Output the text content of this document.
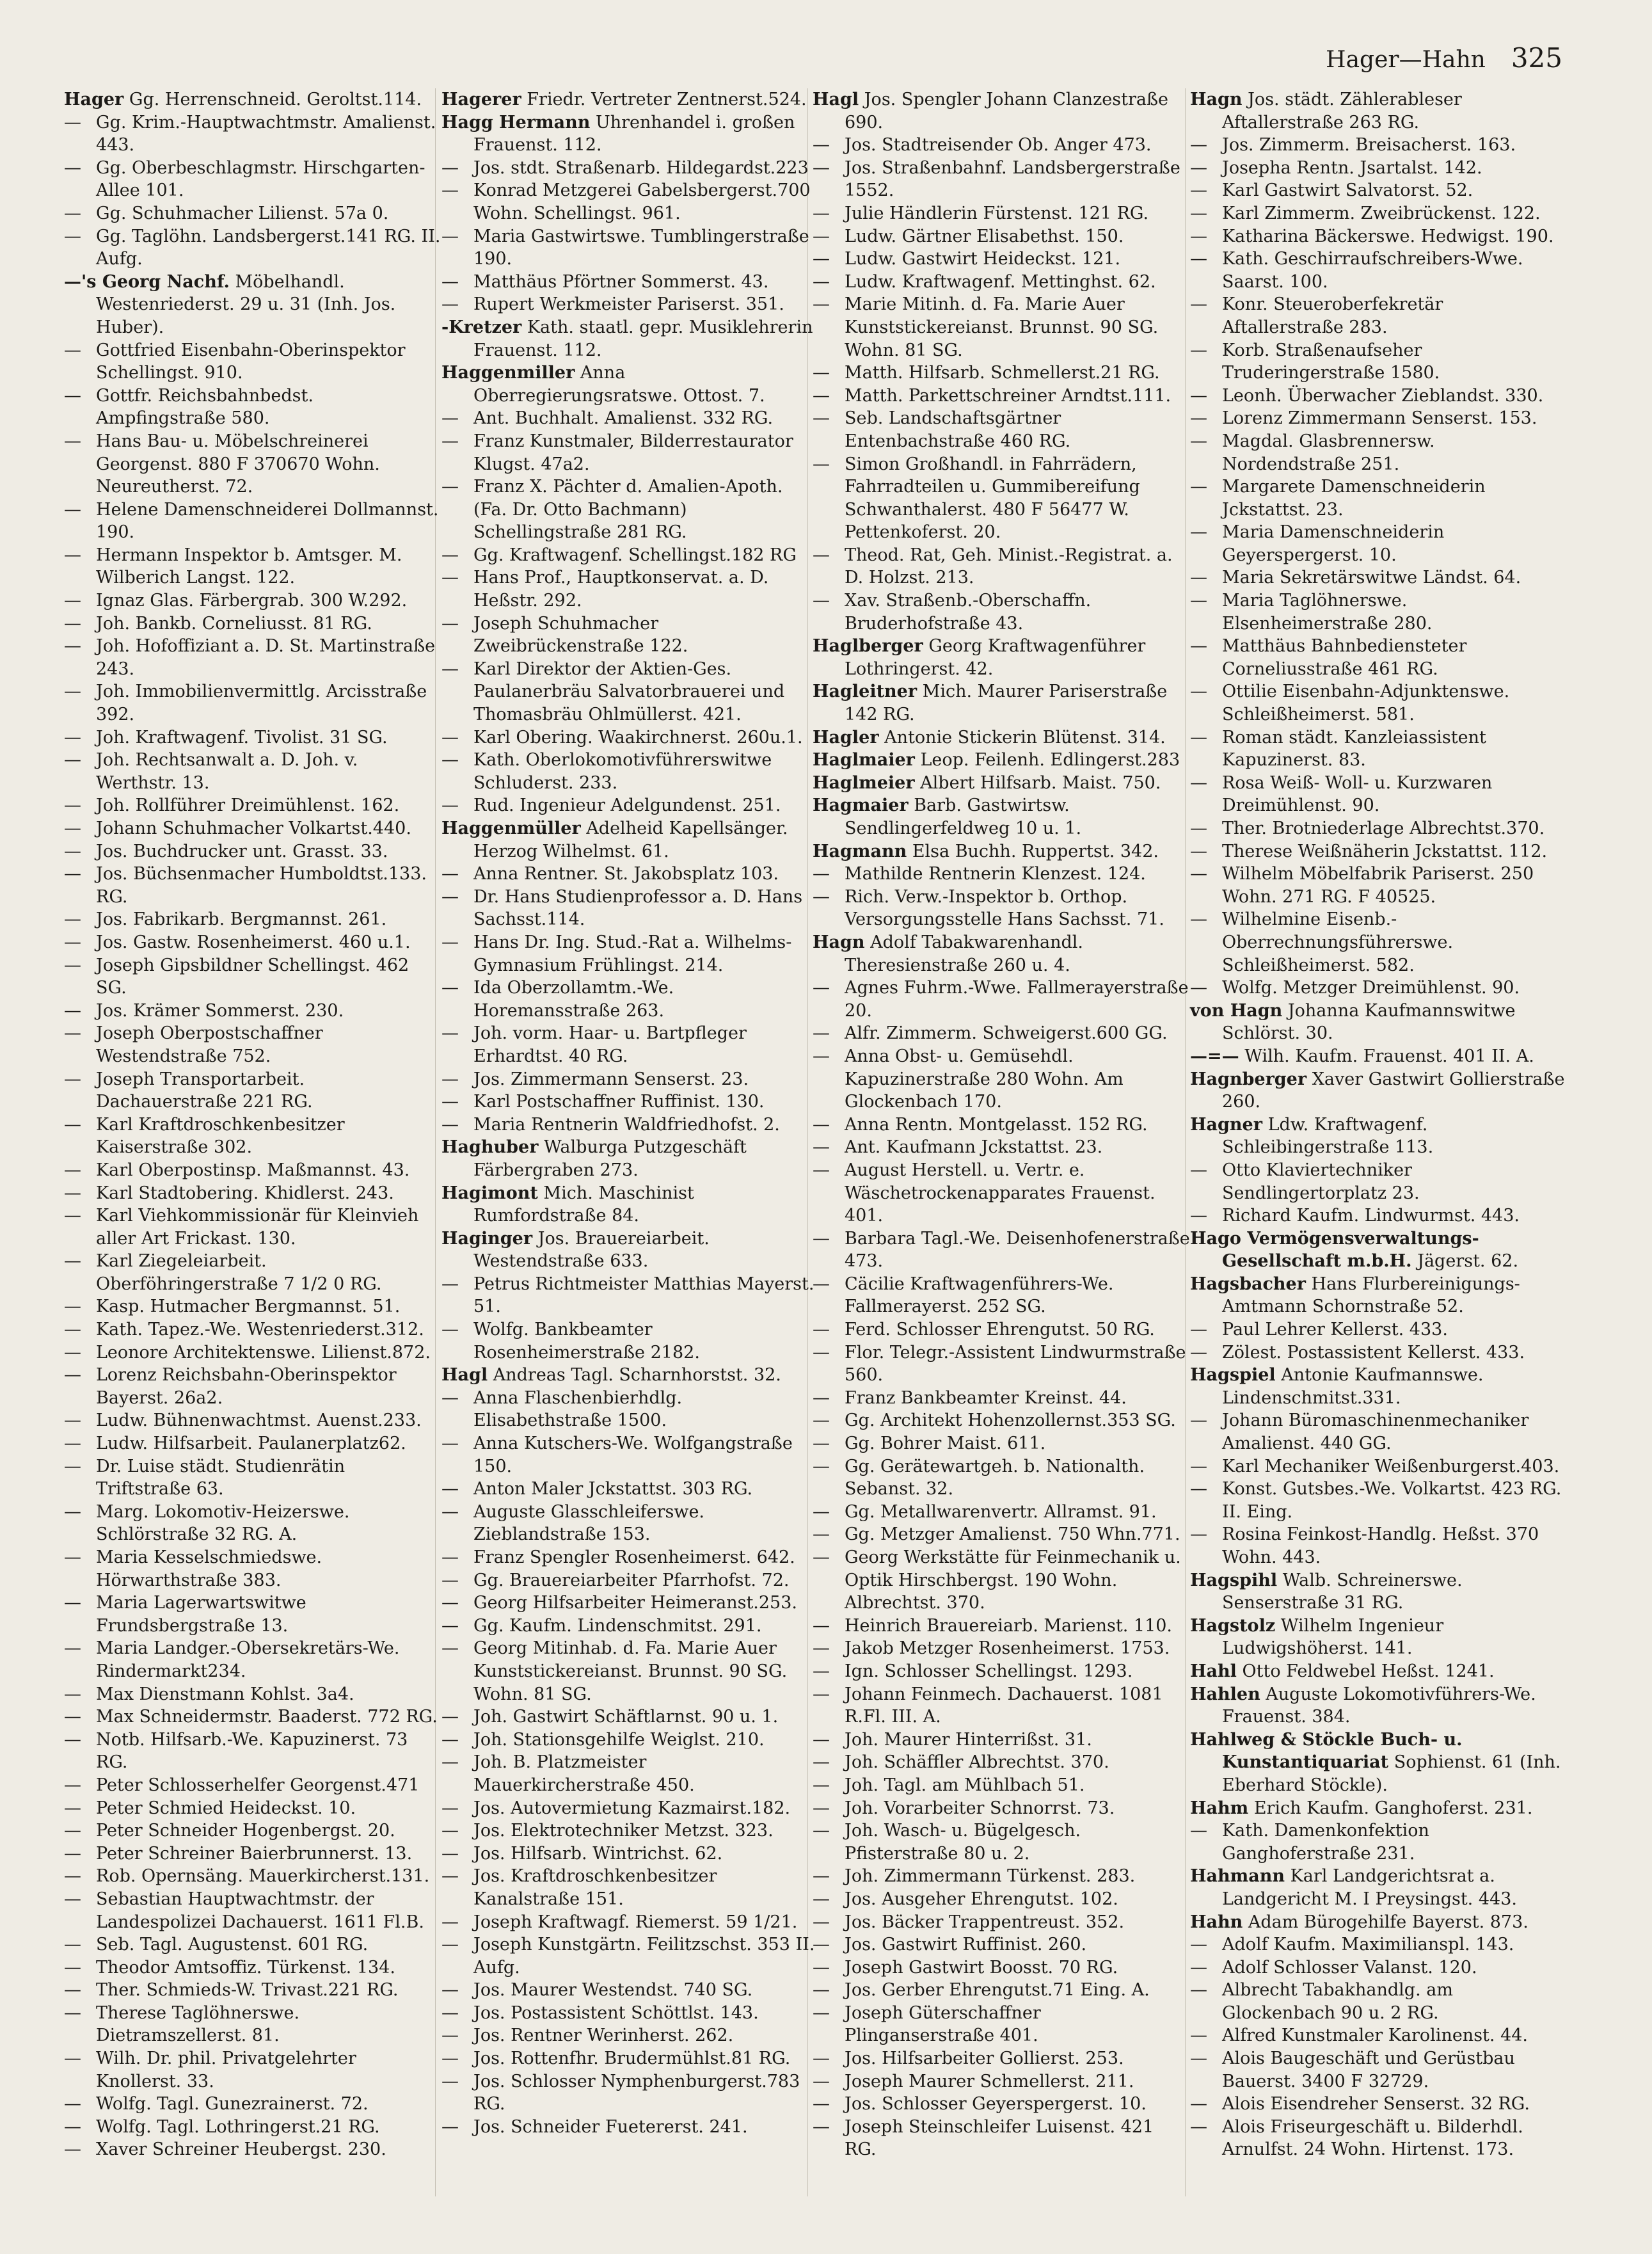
Hager—Hahn 325

Hager Gg. Herrenschneid. Geroltst.114.

— Gg. Krim.-Hauptwachtmstr. Amalienst. 443.

— Gg. Oberbeschlagmstr. Hirschgarten-Allee 101.

— Gg. Schuhmacher Lilienst. 57a 0.

— Gg. Taglöhn. Landsbergerst.141 RG. II. Aufg.

—'s Georg Nachf. Möbelhandl. Westenriederst. 29 u. 31 (Inh. Jos. Huber).

— Gottfried Eisenbahn-Oberinspektor Schellingst. 910.

— Gottfr. Reichsbahnbedst. Ampfingstraße 580.

— Hans Bau- u. Möbelschreinerei Georgenst. 880 F 370670 Wohn. Neureutherst. 72.

— Helene Damenschneiderei Dollmannst. 190.

— Hermann Inspektor b. Amtsger. M. Wilberich Langst. 122.

— Ignaz Glas. Färbergrab. 300 W.292.

— Joh. Bankb. Corneliusst. 81 RG.

— Joh. Hofoffiziant a. D. St. Martinstraße 243.

— Joh. Immobilienvermittlg. Arcisstraße 392.

— Joh. Kraftwagenf. Tivolist. 31 SG.

— Joh. Rechtsanwalt a. D. Joh. v. Werthstr. 13.

— Joh. Rollführer Dreimühlenst. 162.

— Johann Schuhmacher Volkartst.440.

— Jos. Buchdrucker unt. Grasst. 33.

— Jos. Büchsenmacher Humboldtst.133. RG.

— Jos. Fabrikarb. Bergmannst. 261.

— Jos. Gastw. Rosenheimerst. 460 u.1.

— Joseph Gipsbildner Schellingst. 462 SG.

— Jos. Krämer Sommerst. 230.

— Joseph Oberpostschaffner Westendstraße 752.

— Joseph Transportarbeit. Dachauerstraße 221 RG.

— Karl Kraftdroschkenbesitzer Kaiserstraße 302.

— Karl Oberpostinsp. Maßmannst. 43.

— Karl Stadtobering. Khidlerst. 243.

— Karl Viehkommissionär für Kleinvieh aller Art Frickast. 130.

— Karl Ziegeleiarbeit. Oberföhringerstraße 7 1/2 0 RG.

— Kasp. Hutmacher Bergmannst. 51.

— Kath. Tapez.-We. Westenriederst.312.

— Leonore Architektenswe. Lilienst.872.

— Lorenz Reichsbahn-Oberinspektor Bayerst. 26a2.

— Ludw. Bühnenwachtmst. Auenst.233.

— Ludw. Hilfsarbeit. Paulanerplatz62.

— Dr. Luise städt. Studienrätin Triftstraße 63.

— Marg. Lokomotiv-Heizerswe. Schlörstraße 32 RG. A.

— Maria Kesselschmiedswe. Hörwarthstraße 383.

— Maria Lagerwartswitwe Frundsbergstraße 13.

— Maria Landger.-Obersekretärs-We. Rindermarkt234.

— Max Dienstmann Kohlst. 3a4.

— Max Schneidermstr. Baaderst. 772 RG.

— Notb. Hilfsarb.-We. Kapuzinerst. 73 RG.

— Peter Schlosserhelfer Georgenst.471

— Peter Schmied Heideckst. 10.

— Peter Schneider Hogenbergst. 20.

— Peter Schreiner Baierbrunnerst. 13.

— Rob. Opernsäng. Mauerkircherst.131.

— Sebastian Hauptwachtmstr. der Landespolizei Dachauerst. 1611 Fl.B.

— Seb. Tagl. Augustenst. 601 RG.

— Theodor Amtsoffiz. Türkenst. 134.

— Ther. Schmieds-W. Trivast.221 RG.

— Therese Taglöhnerswe. Dietramszellerst. 81.

— Wilh. Dr. phil. Privatgelehrter Knollerst. 33.

— Wolfg. Tagl. Gunezrainerst. 72.

— Wolfg. Tagl. Lothringerst.21 RG.

— Xaver Schreiner Heubergst. 230.

Hagerer Friedr. Vertreter Zentnerst.524.

Hagg Hermann Uhrenhandel i. großen Frauenst. 112.

— Jos. stdt. Straßenarb. Hildegardst.223

— Konrad Metzgerei Gabelsbergerst.700 Wohn. Schellingst. 961.

— Maria Gastwirtswe. Tumblingerstraße 190.

— Matthäus Pförtner Sommerst. 43.

— Rupert Werkmeister Pariserst. 351.

-Kretzer Kath. staatl. gepr. Musiklehrerin Frauenst. 112.

Haggenmiller Anna Oberregierungsratswe. Ottost. 7.

— Ant. Buchhalt. Amalienst. 332 RG.

— Franz Kunstmaler, Bilderrestaurator Klugst. 47a2.

— Franz X. Pächter d. Amalien-Apoth. (Fa. Dr. Otto Bachmann) Schellingstraße 281 RG.

— Gg. Kraftwagenf. Schellingst.182 RG

— Hans Prof., Hauptkonservat. a. D. Heßstr. 292.

— Joseph Schuhmacher Zweibrückenstraße 122.

— Karl Direktor der Aktien-Ges. Paulanerbräu Salvatorbrauerei und Thomasbräu Ohlmüllerst. 421.

— Karl Obering. Waakirchnerst. 260u.1.

— Kath. Oberlokomotivführerswitwe Schluderst. 233.

— Rud. Ingenieur Adelgundenst. 251.

Haggenmüller Adelheid Kapellsänger. Herzog Wilhelmst. 61.

— Anna Rentner. St. Jakobsplatz 103.

— Dr. Hans Studienprofessor a. D. Hans Sachsst.114.

— Hans Dr. Ing. Stud.-Rat a. Wilhelms-Gymnasium Frühlingst. 214.

— Ida Oberzollamtm.-We. Horemansstraße 263.

— Joh. vorm. Haar- u. Bartpfleger Erhardtst. 40 RG.

— Jos. Zimmermann Senserst. 23.

— Karl Postschaffner Ruffinist. 130.

— Maria Rentnerin Waldfriedhofst. 2.

Haghuber Walburga Putzgeschäft Färbergraben 273.

Hagimont Mich. Maschinist Rumfordstraße 84.

Haginger Jos. Brauereiarbeit. Westendstraße 633.

— Petrus Richtmeister Matthias Mayerst. 51.

— Wolfg. Bankbeamter Rosenheimerstraße 2182.

Hagl Andreas Tagl. Scharnhorstst. 32.

— Anna Flaschenbierhdlg. Elisabethstraße 1500.

— Anna Kutschers-We. Wolfgangstraße 150.

— Anton Maler Jckstattst. 303 RG.

— Auguste Glasschleiferswe. Zieblandstraße 153.

— Franz Spengler Rosenheimerst. 642.

— Gg. Brauereiarbeiter Pfarrhofst. 72.

— Georg Hilfsarbeiter Heimeranst.253.

— Gg. Kaufm. Lindenschmitst. 291.

— Georg Mitinhab. d. Fa. Marie Auer Kunststickereianst. Brunnst. 90 SG. Wohn. 81 SG.

— Joh. Gastwirt Schäftlarnst. 90 u. 1.

— Joh. Stationsgehilfe Weiglst. 210.

— Joh. B. Platzmeister Mauerkircherstraße 450.

— Jos. Autovermietung Kazmairst.182.

— Jos. Elektrotechniker Metzst. 323.

— Jos. Hilfsarb. Wintrichst. 62.

— Jos. Kraftdroschkenbesitzer Kanalstraße 151.

— Joseph Kraftwagf. Riemerst. 59 1/21.

— Joseph Kunstgärtn. Feilitzschst. 353 II. Aufg.

— Jos. Maurer Westendst. 740 SG.

— Jos. Postassistent Schöttlst. 143.

— Jos. Rentner Werinherst. 262.

— Jos. Rottenfhr. Brudermühlst.81 RG.

— Jos. Schlosser Nymphenburgerst.783 RG.

— Jos. Schneider Fuetererst. 241.

Hagl Jos. Spengler Johann Clanzestraße 690.

— Jos. Stadtreisender Ob. Anger 473.

— Jos. Straßenbahnf. Landsbergerstraße 1552.

— Julie Händlerin Fürstenst. 121 RG.

— Ludw. Gärtner Elisabethst. 150.

— Ludw. Gastwirt Heideckst. 121.

— Ludw. Kraftwagenf. Mettinghst. 62.

— Marie Mitinh. d. Fa. Marie Auer Kunststickereianst. Brunnst. 90 SG. Wohn. 81 SG.

— Matth. Hilfsarb. Schmellerst.21 RG.

— Matth. Parkettschreiner Arndtst.111.

— Seb. Landschaftsgärtner Entenbachstraße 460 RG.

— Simon Großhandl. in Fahrrädern, Fahrradteilen u. Gummibereifung Schwanthalerst. 480 F 56477 W. Pettenkoferst. 20.

— Theod. Rat, Geh. Minist.-Registrat. a. D. Holzst. 213.

— Xav. Straßenb.-Oberschaffn. Bruderhofstraße 43.

Haglberger Georg Kraftwagenführer Lothringerst. 42.

Hagleitner Mich. Maurer Pariserstraße 142 RG.

Hagler Antonie Stickerin Blütenst. 314.

Haglmaier Leop. Feilenh. Edlingerst.283

Haglmeier Albert Hilfsarb. Maist. 750.

Hagmaier Barb. Gastwirtsw. Sendlingerfeldweg 10 u. 1.

Hagmann Elsa Buchh. Ruppertst. 342.

— Mathilde Rentnerin Klenzest. 124.

— Rich. Verw.-Inspektor b. Orthop. Versorgungsstelle Hans Sachsst. 71.

Hagn Adolf Tabakwarenhandl. Theresienstraße 260 u. 4.

— Agnes Fuhrm.-Wwe. Fallmerayerstraße 20.

— Alfr. Zimmerm. Schweigerst.600 GG.

— Anna Obst- u. Gemüsehdl. Kapuzinerstraße 280 Wohn. Am Glockenbach 170.

— Anna Rentn. Montgelasst. 152 RG.

— Ant. Kaufmann Jckstattst. 23.

— August Herstell. u. Vertr. e. Wäschetrockenapparates Frauenst. 401.

— Barbara Tagl.-We. Deisenhofenerstraße 473.

— Cäcilie Kraftwagenführers-We. Fallmerayerst. 252 SG.

— Ferd. Schlosser Ehrengutst. 50 RG.

— Flor. Telegr.-Assistent Lindwurmstraße 560.

— Franz Bankbeamter Kreinst. 44.

— Gg. Architekt Hohenzollernst.353 SG.

— Gg. Bohrer Maist. 611.

— Gg. Gerätewartgeh. b. Nationalth. Sebanst. 32.

— Gg. Metallwarenvertr. Allramst. 91.

— Gg. Metzger Amalienst. 750 Whn.771.

— Georg Werkstätte für Feinmechanik u. Optik Hirschbergst. 190 Wohn. Albrechtst. 370.

— Heinrich Brauereiarb. Marienst. 110.

— Jakob Metzger Rosenheimerst. 1753.

— Ign. Schlosser Schellingst. 1293.

— Johann Feinmech. Dachauerst. 1081 R.Fl. III. A.

— Joh. Maurer Hinterrißst. 31.

— Joh. Schäffler Albrechtst. 370.

— Joh. Tagl. am Mühlbach 51.

— Joh. Vorarbeiter Schnorrst. 73.

— Joh. Wasch- u. Bügelgesch. Pfisterstraße 80 u. 2.

— Joh. Zimmermann Türkenst. 283.

— Jos. Ausgeher Ehrengutst. 102.

— Jos. Bäcker Trappentreust. 352.

— Jos. Gastwirt Ruffinist. 260.

— Joseph Gastwirt Boosst. 70 RG.

— Jos. Gerber Ehrengutst.71 Eing. A.

— Joseph Güterschaffner Plinganserstraße 401.

— Jos. Hilfsarbeiter Gollierst. 253.

— Joseph Maurer Schmellerst. 211.

— Jos. Schlosser Geyerspergerst. 10.

— Joseph Steinschleifer Luisenst. 421 RG.

Hagn Jos. städt. Zählerableser Aftallerstraße 263 RG.

— Jos. Zimmerm. Breisacherst. 163.

— Josepha Rentn. Jsartalst. 142.

— Karl Gastwirt Salvatorst. 52.

— Karl Zimmerm. Zweibrückenst. 122.

— Katharina Bäckerswe. Hedwigst. 190.

— Kath. Geschirraufschreibers-Wwe. Saarst. 100.

— Konr. Steueroberfekretär Aftallerstraße 283.

— Korb. Straßenaufseher Truderingerstraße 1580.

— Leonh. Überwacher Zieblandst. 330.

— Lorenz Zimmermann Senserst. 153.

— Magdal. Glasbrennersw. Nordendstraße 251.

— Margarete Damenschneiderin Jckstattst. 23.

— Maria Damenschneiderin Geyerspergerst. 10.

— Maria Sekretärswitwe Ländst. 64.

— Maria Taglöhnerswe. Elsenheimerstraße 280.

— Matthäus Bahnbediensteter Corneliusstraße 461 RG.

— Ottilie Eisenbahn-Adjunktenswe. Schleißheimerst. 581.

— Roman städt. Kanzleiassistent Kapuzinerst. 83.

— Rosa Weiß- Woll- u. Kurzwaren Dreimühlenst. 90.

— Ther. Brotniederlage Albrechtst.370.

— Therese Weißnäherin Jckstattst. 112.

— Wilhelm Möbelfabrik Pariserst. 250 Wohn. 271 RG. F 40525.

— Wilhelmine Eisenb.-Oberrechnungsführerswe. Schleißheimerst. 582.

— Wolfg. Metzger Dreimühlenst. 90.

von Hagn Johanna Kaufmannswitwe Schlörst. 30.

—=— Wilh. Kaufm. Frauenst. 401 II. A.

Hagnberger Xaver Gastwirt Gollierstraße 260.

Hagner Ldw. Kraftwagenf. Schleibingerstraße 113.

— Otto Klaviertechniker Sendlingertorplatz 23.

— Richard Kaufm. Lindwurmst. 443.

Hago Vermögensverwaltungs-Gesellschaft m.b.H. Jägerst. 62.

Hagsbacher Hans Flurbereinigungs-Amtmann Schornstraße 52.

— Paul Lehrer Kellerst. 433.

— Zölest. Postassistent Kellerst. 433.

Hagspiel Antonie Kaufmannswe. Lindenschmitst.331.

— Johann Büromaschinenmechaniker Amalienst. 440 GG.

— Karl Mechaniker Weißenburgerst.403.

— Konst. Gutsbes.-We. Volkartst. 423 RG. II. Eing.

— Rosina Feinkost-Handlg. Heßst. 370 Wohn. 443.

Hagspihl Walb. Schreinerswe. Senserstraße 31 RG.

Hagstolz Wilhelm Ingenieur Ludwigshöherst. 141.

Hahl Otto Feldwebel Heßst. 1241.

Hahlen Auguste Lokomotivführers-We. Frauenst. 384.

Hahlweg & Stöckle Buch- u. Kunstantiquariat Sophienst. 61 (Inh. Eberhard Stöckle).

Hahm Erich Kaufm. Ganghoferst. 231.

— Kath. Damenkonfektion Ganghoferstraße 231.

Hahmann Karl Landgerichtsrat a. Landgericht M. I Preysingst. 443.

Hahn Adam Bürogehilfe Bayerst. 873.

— Adolf Kaufm. Maximilianspl. 143.

— Adolf Schlosser Valanst. 120.

— Albrecht Tabakhandlg. am Glockenbach 90 u. 2 RG.

— Alfred Kunstmaler Karolinenst. 44.

— Alois Baugeschäft und Gerüstbau Bauerst. 3400 F 32729.

— Alois Eisendreher Senserst. 32 RG.

— Alois Friseurgeschäft u. Bilderhdl. Arnulfst. 24 Wohn. Hirtenst. 173.
